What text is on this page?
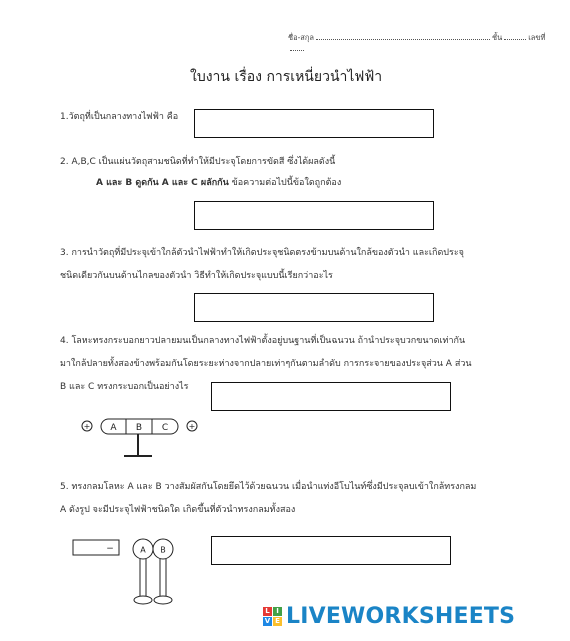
ชื่อ-สกุล	ชั้น	เลขที่
ใบงาน เรื่อง การเหนี่ยวนำไฟฟ้า
1.วัตถุที่เป็นกลางทางไฟฟ้า คือ
2. A,B,C เป็นแผ่นวัตถุสามชนิดที่ทำให้มีประจุโดยการขัดสี ซึ่งได้ผลดังนี้
A และ B ดูดกัน A และ C ผลักกัน ข้อความต่อไปนี้ข้อใดถูกต้อง
3. การนำวัตถุที่มีประจุเข้าใกล้ตัวนำไฟฟ้าทำให้เกิดประจุชนิดตรงข้ามบนด้านใกล้ของตัวนำ และเกิดประจุ
ชนิดเดียวกันบนด้านไกลของตัวนำ วิธีทำให้เกิดประจุแบบนี้เรียกว่าอะไร
4. โลหะทรงกระบอกยาวปลายมนเป็นกลางทางไฟฟ้าตั้งอยู่บนฐานที่เป็นฉนวน ถ้านำประจุบวกขนาดเท่ากัน
มาใกล้ปลายทั้งสองข้างพร้อมกันโดยระยะห่างจากปลายเท่าๆกันตามลำดับ การกระจายของประจุส่วน A ส่วน
B และ C ทรงกระบอกเป็นอย่างไร
+ A B C	+
5. ทรงกลมโลหะ A และ B วางสัมผัสกันโดยยึดไว้ด้วยฉนวน เมื่อนำแท่งอีโบไนท์ซึ่งมีประจุลบเข้าใกล้ทรงกลม
A ดังรูป จะมีประจุไฟฟ้าชนิดใด เกิดขึ้นที่ตัวนำทรงกลมทั้งสอง
−	A B
L I
V E LIVEWORKSHEETS
